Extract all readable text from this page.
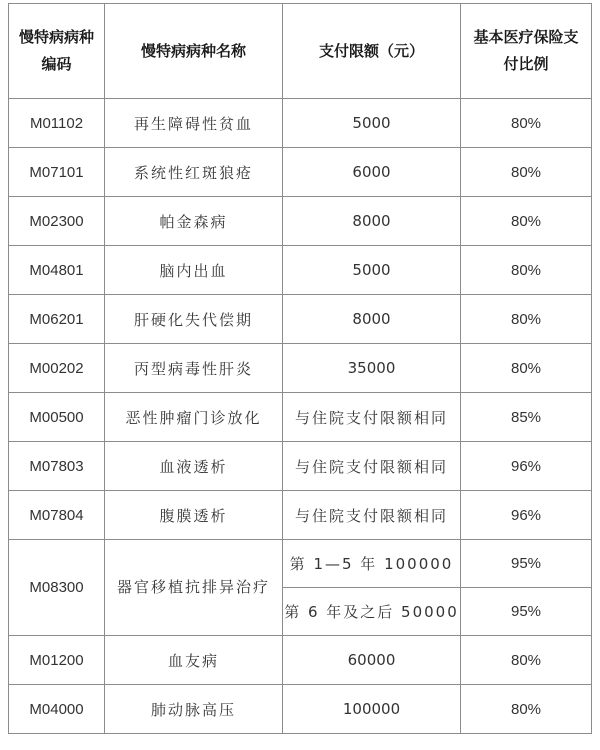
慢特病病种编码	慢特病病种名称	支付限额（元）	基本医疗保险支付比例

M01102	再生障碍性贫血	5000	80%
M07101	系统性红斑狼疮	6000	80%
M02300	帕金森病	8000	80%
M04801	脑内出血	5000	80%
M06201	肝硬化失代偿期	8000	80%
M00202	丙型病毒性肝炎	35000	80%
M00500	恶性肿瘤门诊放化	与住院支付限额相同	85%
M07803	血液透析	与住院支付限额相同	96%
M07804	腹膜透析	与住院支付限额相同	96%
M08300	器官移植抗排异治疗	第 1—5 年 100000	95%
		第 6 年及之后 50000	95%
M01200	血友病	60000	80%
M04000	肺动脉高压	100000	80%
